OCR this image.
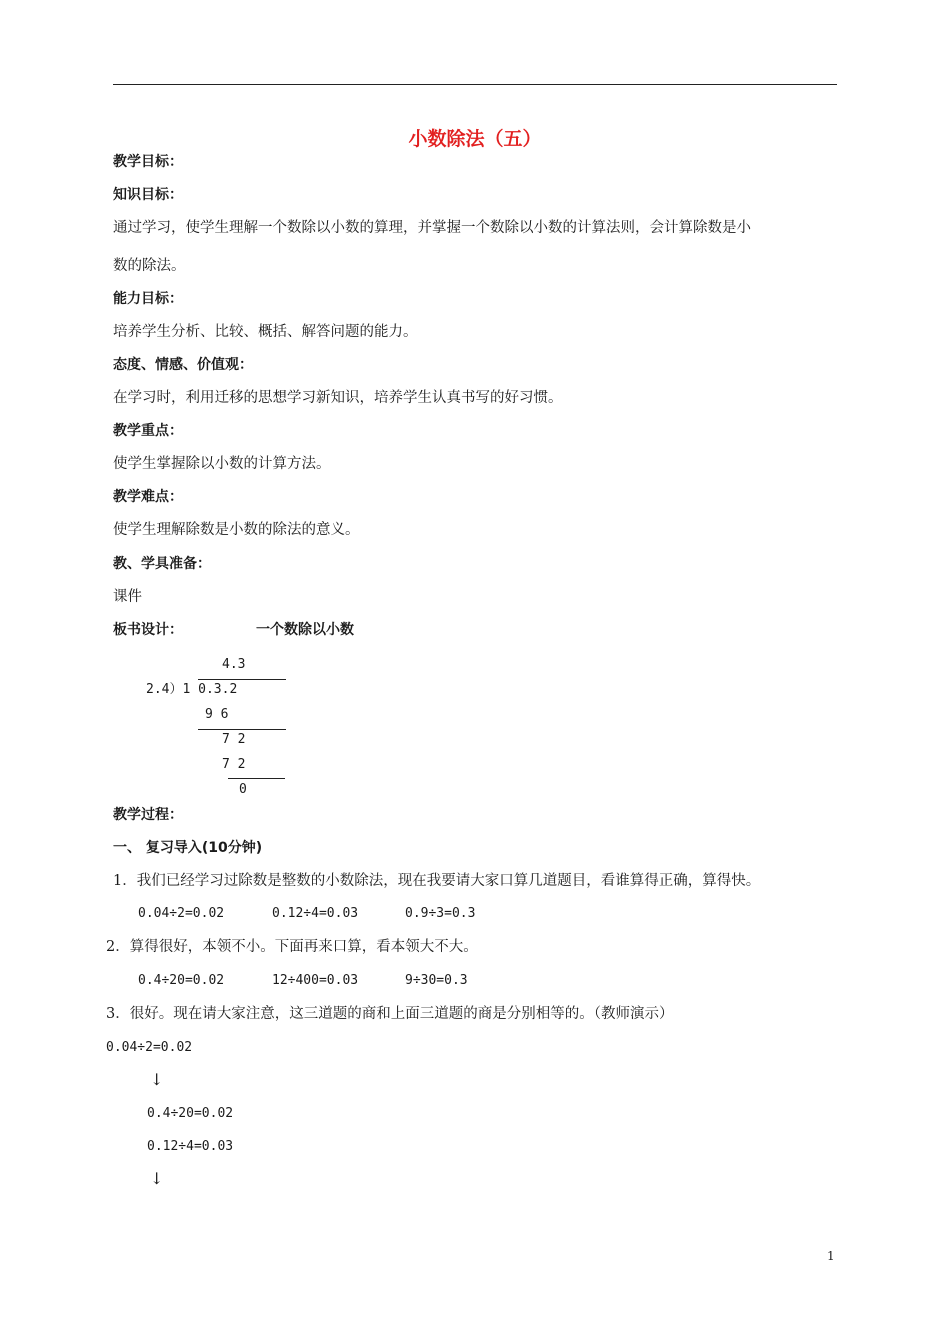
小数除法（五）
教学目标：
知识目标：
通过学习，使学生理解一个数除以小数的算理，并掌握一个数除以小数的计算法则，会计算除数是小
数的除法。
能力目标：
培养学生分析、比较、概括、解答问题的能力。
态度、情感、价值观：
在学习时，利用迁移的思想学习新知识，培养学生认真书写的好习惯。
教学重点：
使学生掌握除以小数的计算方法。
教学难点：
使学生理解除数是小数的除法的意义。
教、学具准备：
课件
板书设计：	一个数除以小数
4.3
2.4）1 0.3.2
9 6
7 2
7 2
0
教学过程：
一、 复习导入(10分钟)
1．我们已经学习过除数是整数的小数除法，现在我要请大家口算几道题目，看谁算得正确，算得快。
0.04÷2=0.02	0.12÷4=0.03	0.9÷3=0.3
2．算得很好，本领不小。下面再来口算，看本领大不大。
0.4÷20=0.02	12÷400=0.03	9÷30=0.3
3．很好。现在请大家注意，这三道题的商和上面三道题的商是分别相等的。（教师演示）
0.04÷2=0.02
↓
0.4÷20=0.02
0.12÷4=0.03
↓
1
